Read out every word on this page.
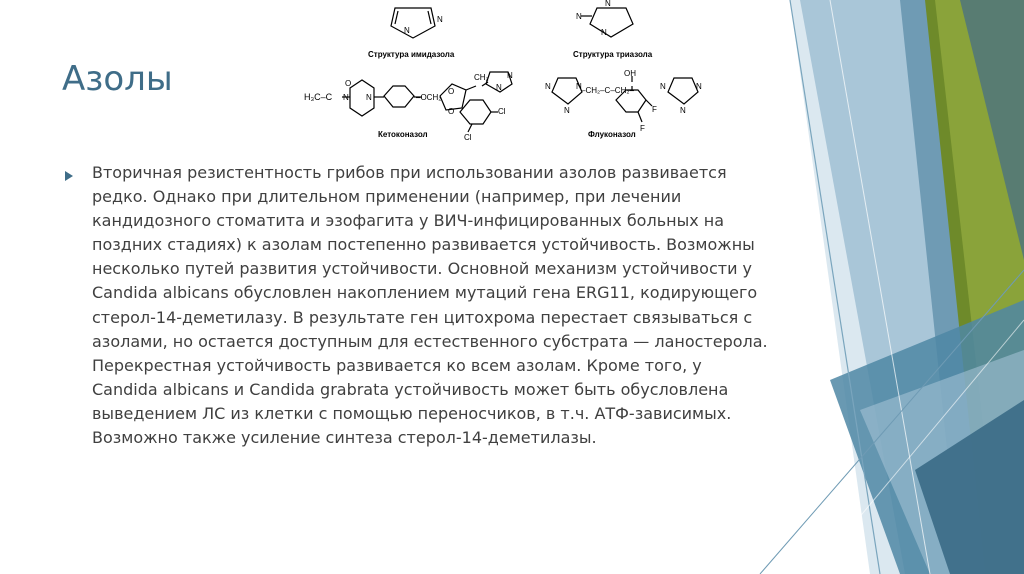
Азолы
N
N
N
N
N
H₃C–C
O
N N	–OCH₂
O
O
CH₂
N
N
Cl
Cl
OH
–CH₂–C–CH₂–
N	N
N
N	N
N
F
F
Структура имидазола	Структура триазола
Кетоконазол	Флуконазол

Вторичная резистентность грибов при использовании азолов развивается редко. Однако при длительном применении (например, при лечении кандидозного стоматита и эзофагита у ВИЧ-инфицированных больных на поздних стадиях) к азолам постепенно развивается устойчивость. Возможны несколько путей развития устойчивости. Основной механизм устойчивости у Candida albicans обусловлен накоплением мутаций гена ERG11, кодирующего стерол-14-деметилазу. В результате ген цитохрома перестает связываться с азолами, но остается доступным для естественного субстрата — ланостерола. Перекрестная устойчивость развивается ко всем азолам. Кроме того, у Candida albicans и Candida grabrata устойчивость может быть обусловлена выведением ЛС из клетки с помощью переносчиков, в т.ч. АТФ-зависимых. Возможно также усиление синтеза стерол-14-деметилазы.
